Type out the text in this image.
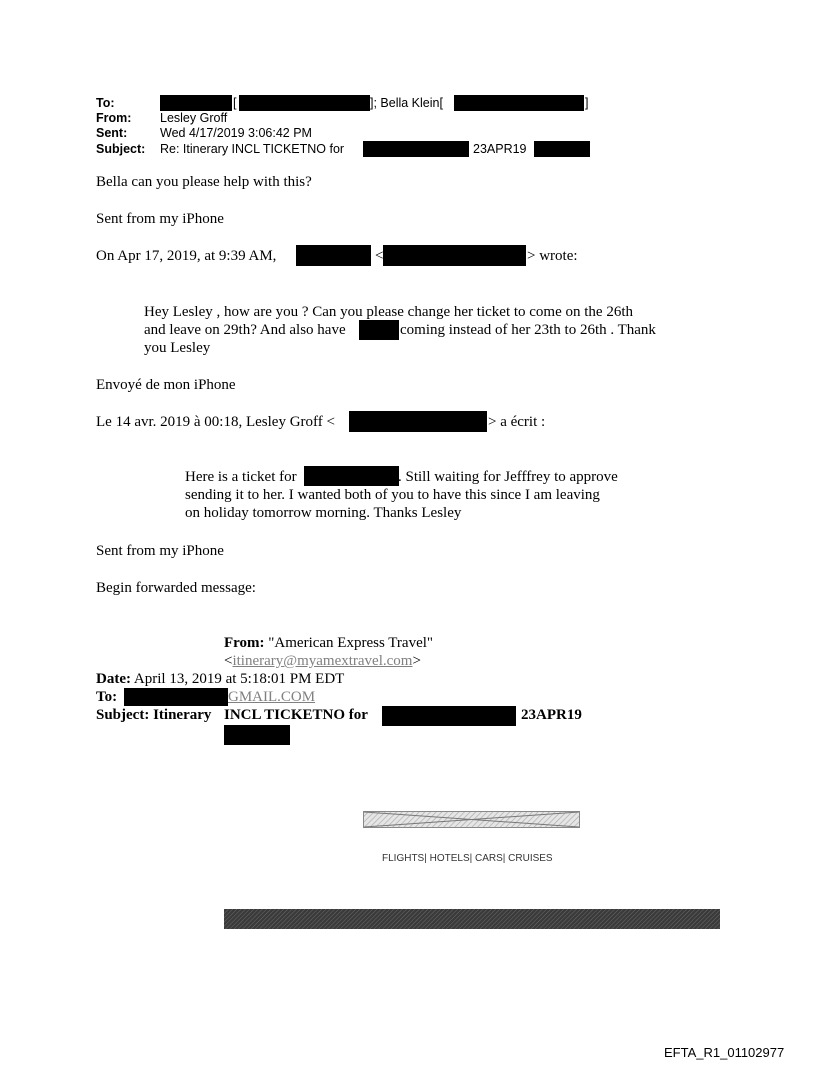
To:	[	]; Bella Klein[	]
From: Lesley Groff
Sent:	Wed 4/17/2019 3:06:42 PM
Subject: Re: Itinerary INCL TICKETNO for	23APR19
Bella can you please help with this?
Sent from my iPhone
On Apr 17, 2019, at 9:39 AM,	<	> wrote:
Hey Lesley , how are you ? Can you please change her ticket to come on the 26th
and leave on 29th? And also have	coming instead of her 23th to 26th . Thank
you Lesley
Envoyé de mon iPhone
Le 14 avr. 2019 à 00:18, Lesley Groff <	> a écrit :
Here is a ticket for	. Still waiting for Jefffrey to approve
sending it to her. I wanted both of you to have this since I am leaving
on holiday tomorrow morning. Thanks Lesley
Sent from my iPhone
Begin forwarded message:
From: "American Express Travel"
<itinerary@myamextravel.com>
Date: April 13, 2019 at 5:18:01 PM EDT
To:	GMAIL.COM
Subject: Itinerary INCL TICKETNO for	23APR19
FLIGHTS| HOTELS| CARS| CRUISES
EFTA_R1_01102977
